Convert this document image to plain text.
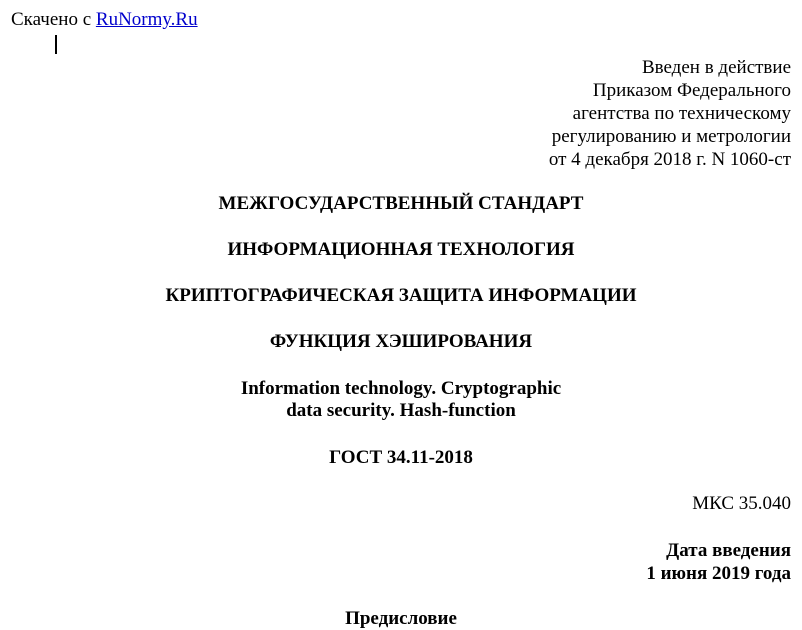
Скачено с RuNormy.Ru
Введен в действие
Приказом Федерального
агентства по техническому
регулированию и метрологии
от 4 декабря 2018 г. N 1060-ст
МЕЖГОСУДАРСТВЕННЫЙ СТАНДАРТ
ИНФОРМАЦИОННАЯ ТЕХНОЛОГИЯ
КРИПТОГРАФИЧЕСКАЯ ЗАЩИТА ИНФОРМАЦИИ
ФУНКЦИЯ ХЭШИРОВАНИЯ
Information technology. Cryptographic
data security. Hash-function
ГОСТ 34.11-2018
МКС 35.040
Дата введения
1 июня 2019 года
Предисловие
